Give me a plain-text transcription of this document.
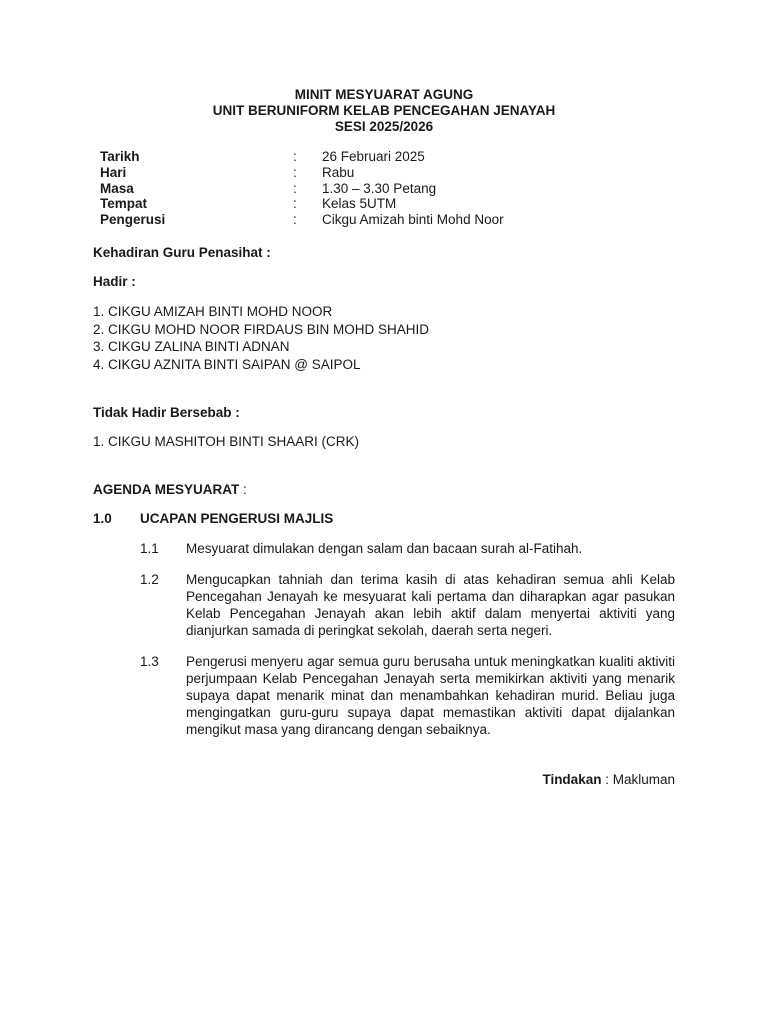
MINIT MESYUARAT AGUNG
UNIT BERUNIFORM KELAB PENCEGAHAN JENAYAH
SESI 2025/2026
Tarikh	: 26 Februari 2025
Hari	: Rabu
Masa	: 1.30 – 3.30 Petang
Tempat	: Kelas 5UTM
Pengerusi	: Cikgu Amizah binti Mohd Noor
Kehadiran Guru Penasihat :
Hadir :
1. CIKGU AMIZAH BINTI MOHD NOOR
2. CIKGU MOHD NOOR FIRDAUS BIN MOHD SHAHID
3. CIKGU ZALINA BINTI ADNAN
4. CIKGU AZNITA BINTI SAIPAN @ SAIPOL
Tidak Hadir Bersebab :
1. CIKGU MASHITOH BINTI SHAARI (CRK)
AGENDA MESYUARAT :
1.0 UCAPAN PENGERUSI MAJLIS
1.1 Mesyuarat dimulakan dengan salam dan bacaan surah al-Fatihah.
1.2 Mengucapkan tahniah dan terima kasih di atas kehadiran semua ahli Kelab Pencegahan Jenayah ke mesyuarat kali pertama dan diharapkan agar pasukan Kelab Pencegahan Jenayah akan lebih aktif dalam menyertai aktiviti yang dianjurkan samada di peringkat sekolah, daerah serta negeri.
1.3 Pengerusi menyeru agar semua guru berusaha untuk meningkatkan kualiti aktiviti perjumpaan Kelab Pencegahan Jenayah serta memikirkan aktiviti yang menarik supaya dapat menarik minat dan menambahkan kehadiran murid. Beliau juga mengingatkan guru-guru supaya dapat memastikan aktiviti dapat dijalankan mengikut masa yang dirancang dengan sebaiknya.
Tindakan : Makluman
